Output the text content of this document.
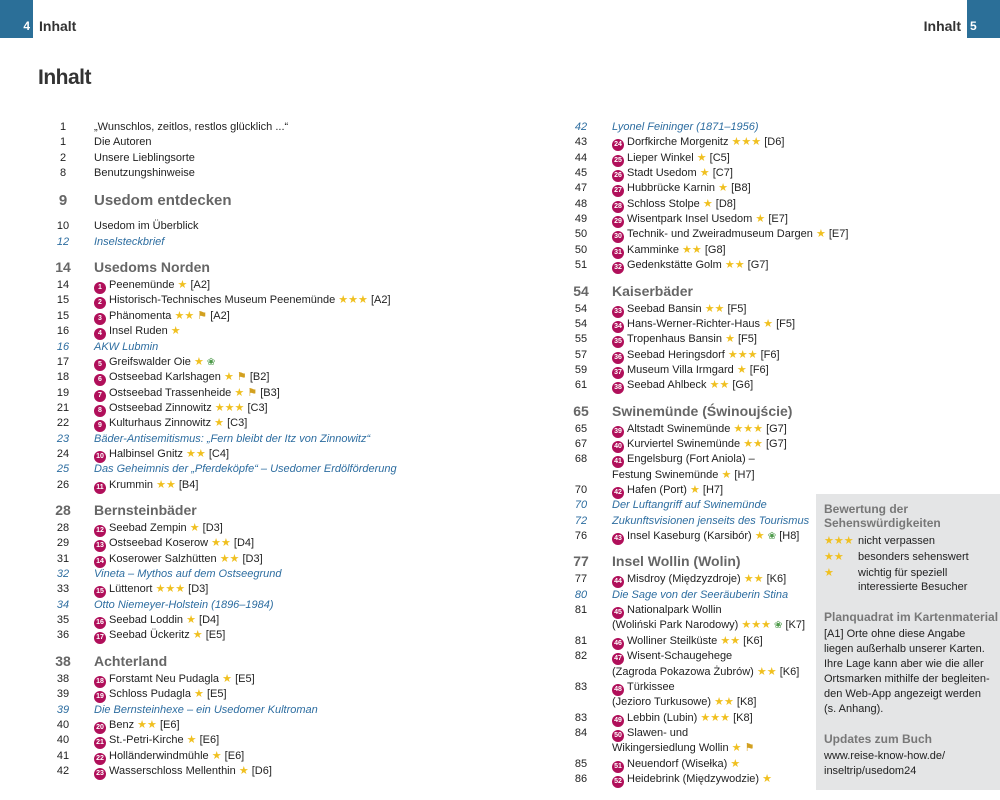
4 Inhalt	5
Inhalt
Inhalt
1	„Wunschlos, zeitlos, restlos glücklich ...“
1	Die Autoren
2	Unsere Lieblingsorte
8	Benutzungshinweise
9	Usedom entdecken
10	Usedom im Überblick
12	Inselsteckbrief
14 Usedoms Norden
14	1 Peenemünde ★ [A2]
15	2 Historisch-Technisches Museum Peenemünde ★★★ [A2]
15	3 Phänomenta ★★ ⚑ [A2]
16	4 Insel Ruden ★
16	AKW Lubmin
17	5 Greifswalder Oie ★ ❀
18	6 Ostseebad Karlshagen ★ ⚑ [B2]
19	7 Ostseebad Trassenheide ★ ⚑ [B3]
21	8 Ostseebad Zinnowitz ★★★ [C3]
22	9 Kulturhaus Zinnowitz ★ [C3]
23	Bäder-Antisemitismus: „Fern bleibt der Itz von Zinnowitz“
24	10 Halbinsel Gnitz ★★ [C4]
25	Das Geheimnis der „Pferdeköpfe“ – Usedomer Erdölförderung
26	11 Krummin ★★ [B4]
28 Bernsteinbäder
28	12 Seebad Zempin ★ [D3]
29	13 Ostseebad Koserow ★★ [D4]
31	14 Koserower Salzhütten ★★ [D3]
32	Vineta – Mythos auf dem Ostseegrund
33	15 Lüttenort ★★★ [D3]
34	Otto Niemeyer-Holstein (1896–1984)
35	16 Seebad Loddin ★ [D4]
36	17 Seebad Ückeritz ★ [E5]
38 Achterland
38	18 Forstamt Neu Pudagla ★ [E5]
39	19 Schloss Pudagla ★ [E5]
39	Die Bernsteinhexe – ein Usedomer Kultroman
40	20 Benz ★★ [E6]
40	21 St.-Petri-Kirche ★ [E6]
41	22 Holländerwindmühle ★ [E6]
42	23 Wasserschloss Mellenthin ★ [D6]
42	Lyonel Feininger (1871–1956)
43	24 Dorfkirche Morgenitz ★★★ [D6]
44	25 Lieper Winkel ★ [C5]
45	26 Stadt Usedom ★ [C7]
47	27 Hubbrücke Karnin ★ [B8]
48	28 Schloss Stolpe ★ [D8]
49	29 Wisentpark Insel Usedom ★ [E7]
50	30 Technik- und Zweiradmuseum Dargen ★ [E7]
50	31 Kamminke ★★ [G8]
51	32 Gedenkstätte Golm ★★ [G7]
54 Kaiserbäder
54	33 Seebad Bansin ★★ [F5]
54	34 Hans-Werner-Richter-Haus ★ [F5]
55	35 Tropenhaus Bansin ★ [F5]
57	36 Seebad Heringsdorf ★★★ [F6]
59	37 Museum Villa Irmgard ★ [F6]
61	38 Seebad Ahlbeck ★★ [G6]
65 Swinemünde (Świnoujście)
65	39 Altstadt Swinemünde ★★★ [G7]
67	40 Kurviertel Swinemünde ★★ [G7]
68	41 Engelsburg (Fort Aniola) –
Festung Swinemünde ★ [H7]
70	42 Hafen (Port) ★ [H7]
70	Der Luftangriff auf Swinemünde
72	Zukunftsvisionen jenseits des Tourismus
76	43 Insel Kaseburg (Karsibór) ★ ❀ [H8]
77 Insel Wollin (Wolin)
77	44 Misdroy (Międzyzdroje) ★★ [K6]
80	Die Sage von der Seeräuberin Stina
81	45 Nationalpark Wollin
(Woliński Park Narodowy) ★★★ ❀ [K7]
81	46 Wolliner Steilküste ★★ [K6]
82	47 Wisent-Schaugehege
(Zagroda Pokazowa Żubrów) ★★ [K6]
83	48 Türkissee
(Jezioro Turkusowe) ★★ [K8]
83	49 Lebbin (Lubin) ★★★ [K8]
84	50 Slawen- und
Wikingersiedlung Wollin ★ ⚑
85	51 Neuendorf (Wisełka) ★
86	52 Heidebrink (Międzywodzie) ★
Bewertung der
Sehenswürdigkeiten
★★★ nicht verpassen
★★ besonders sehenswert
★ wichtig für speziell
interessierte Besucher
Planquadrat im Kartenmaterial
[A1] Orte ohne diese Angabe
liegen außerhalb unserer Karten.
Ihre Lage kann aber wie die aller
Ortsmarken mithilfe der begleiten-
den Web-App angezeigt werden
(s. Anhang).
Updates zum Buch
www.reise-know-how.de/
inseltrip/usedom24
